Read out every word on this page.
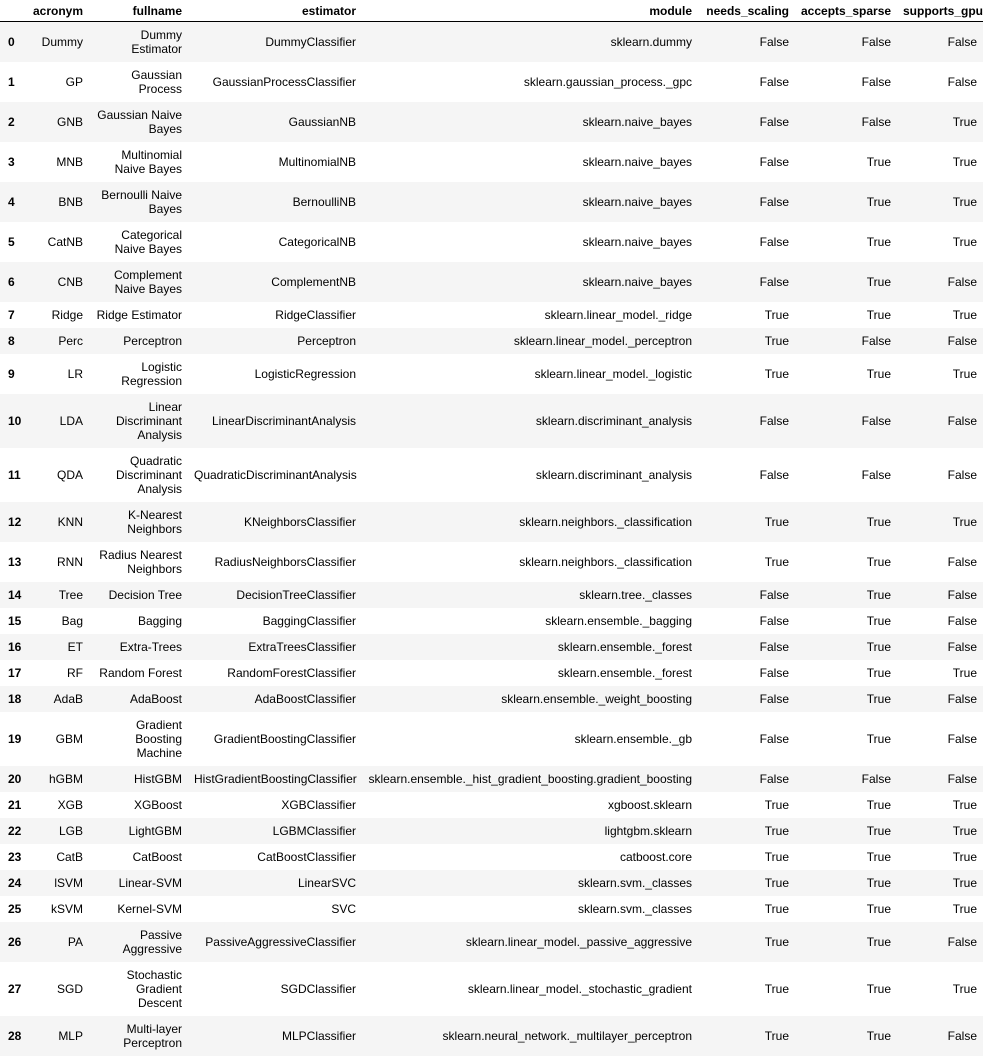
	acronym	fullname	estimator	module	needs_scaling	accepts_sparse	supports_gpu
0	Dummy	Dummy Estimator	DummyClassifier	sklearn.dummy	False	False	False
1	GP	Gaussian Process	GaussianProcessClassifier	sklearn.gaussian_process._gpc	False	False	False
2	GNB	Gaussian Naive Bayes	GaussianNB	sklearn.naive_bayes	False	False	True
3	MNB	Multinomial Naive Bayes	MultinomialNB	sklearn.naive_bayes	False	True	True
4	BNB	Bernoulli Naive Bayes	BernoulliNB	sklearn.naive_bayes	False	True	True
5	CatNB	Categorical Naive Bayes	CategoricalNB	sklearn.naive_bayes	False	True	True
6	CNB	Complement Naive Bayes	ComplementNB	sklearn.naive_bayes	False	True	False
7	Ridge	Ridge Estimator	RidgeClassifier	sklearn.linear_model._ridge	True	True	True
8	Perc	Perceptron	Perceptron	sklearn.linear_model._perceptron	True	False	False
9	LR	Logistic Regression	LogisticRegression	sklearn.linear_model._logistic	True	True	True
10	LDA	Linear Discriminant Analysis	LinearDiscriminantAnalysis	sklearn.discriminant_analysis	False	False	False
11	QDA	Quadratic Discriminant Analysis	QuadraticDiscriminantAnalysis	sklearn.discriminant_analysis	False	False	False
12	KNN	K-Nearest Neighbors	KNeighborsClassifier	sklearn.neighbors._classification	True	True	True
13	RNN	Radius Nearest Neighbors	RadiusNeighborsClassifier	sklearn.neighbors._classification	True	True	False
14	Tree	Decision Tree	DecisionTreeClassifier	sklearn.tree._classes	False	True	False
15	Bag	Bagging	BaggingClassifier	sklearn.ensemble._bagging	False	True	False
16	ET	Extra-Trees	ExtraTreesClassifier	sklearn.ensemble._forest	False	True	False
17	RF	Random Forest	RandomForestClassifier	sklearn.ensemble._forest	False	True	True
18	AdaB	AdaBoost	AdaBoostClassifier	sklearn.ensemble._weight_boosting	False	True	False
19	GBM	Gradient Boosting Machine	GradientBoostingClassifier	sklearn.ensemble._gb	False	True	False
20	hGBM	HistGBM	HistGradientBoostingClassifier	sklearn.ensemble._hist_gradient_boosting.gradient_boosting	False	False	False
21	XGB	XGBoost	XGBClassifier	xgboost.sklearn	True	True	True
22	LGB	LightGBM	LGBMClassifier	lightgbm.sklearn	True	True	True
23	CatB	CatBoost	CatBoostClassifier	catboost.core	True	True	True
24	lSVM	Linear-SVM	LinearSVC	sklearn.svm._classes	True	True	True
25	kSVM	Kernel-SVM	SVC	sklearn.svm._classes	True	True	True
26	PA	Passive Aggressive	PassiveAggressiveClassifier	sklearn.linear_model._passive_aggressive	True	True	False
27	SGD	Stochastic Gradient Descent	SGDClassifier	sklearn.linear_model._stochastic_gradient	True	True	True
28	MLP	Multi-layer Perceptron	MLPClassifier	sklearn.neural_network._multilayer_perceptron	True	True	False
